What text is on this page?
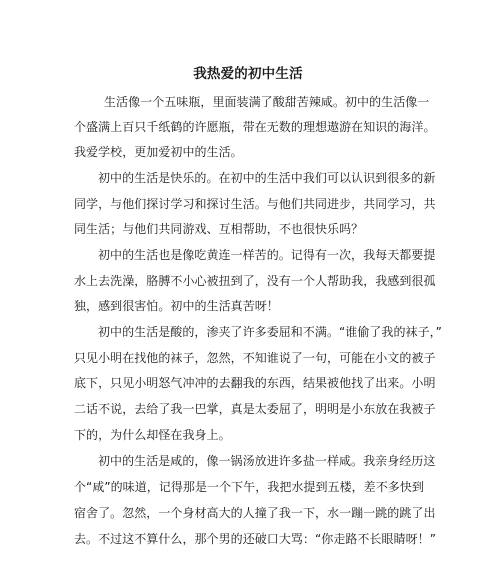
我热爱的初中生活
生活像一个五味瓶，里面装满了酸甜苦辣咸。初中的生活像一
个盛满上百只千纸鹤的许愿瓶，带在无数的理想遨游在知识的海洋。
我爱学校，更加爱初中的生活。
初中的生活是快乐的。在初中的生活中我们可以认识到很多的新
同学，与他们探讨学习和探讨生活。与他们共同进步，共同学习，共
同生活；与他们共同游戏、互相帮助，不也很快乐吗？
初中的生活也是像吃黄连一样苦的。记得有一次，我每天都要提
水上去洗澡，胳膊不小心被扭到了，没有一个人帮助我，我感到很孤
独，感到很害怕。初中的生活真苦呀！
初中的生活是酸的，渗夹了许多委屈和不满。“谁偷了我的袜子，”
只见小明在找他的袜子，忽然，不知谁说了一句，可能在小文的被子
底下，只见小明怒气冲冲的去翻我的东西，结果被他找了出来。小明
二话不说，去给了我一巴掌，真是太委屈了，明明是小东放在我被子
下的，为什么却怪在我身上。
初中的生活是咸的，像一锅汤放进许多盐一样咸。我亲身经历这
个“咸”的味道，记得那是一个下午，我把水提到五楼，差不多快到
宿舍了。忽然，一个身材高大的人撞了我一下，水一蹦一跳的跳了出
去。不过这不算什么，那个男的还破口大骂：“你走路不长眼睛呀！”
